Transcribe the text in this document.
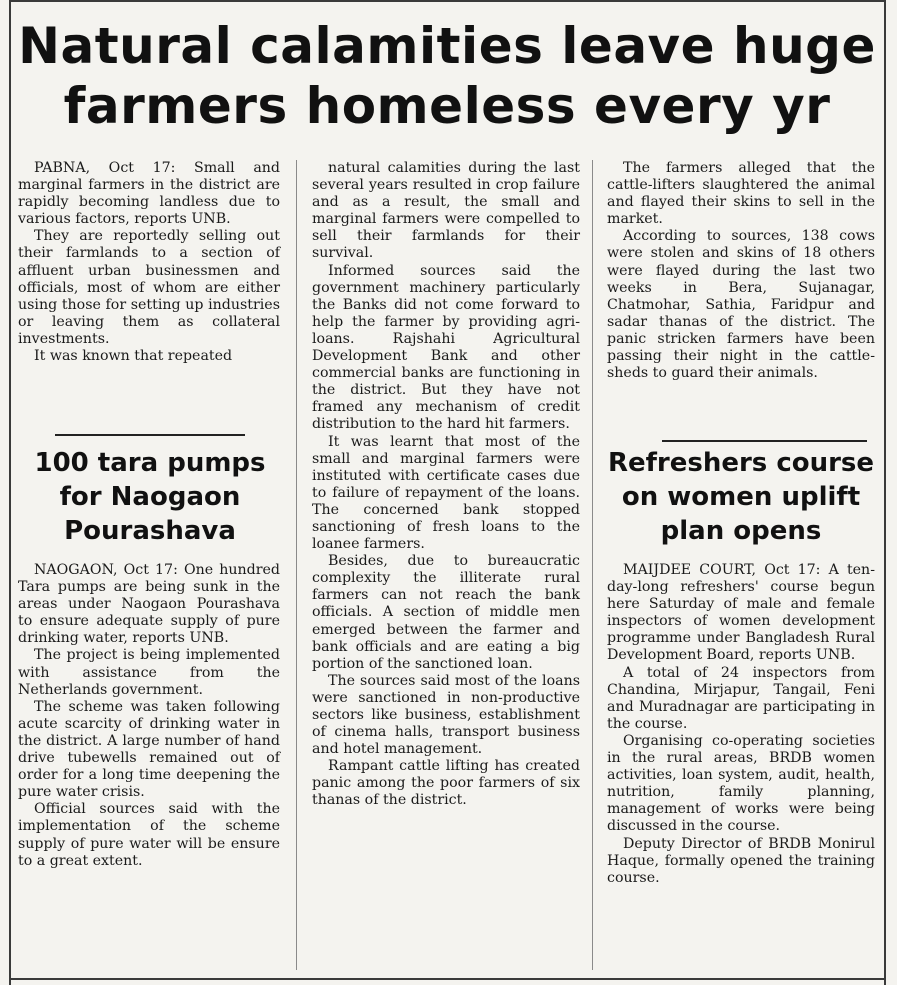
Natural calamities leave huge farmers homeless every yr

PABNA, Oct 17: Small and marginal farmers in the district are rapidly becoming landless due to various factors, reports UNB.

They are reportedly selling out their farmlands to a section of affluent urban businessmen and officials, most of whom are either using those for setting up industries or leaving them as collateral investments.

It was known that repeated

natural calamities during the last several years resulted in crop failure and as a result, the small and marginal farmers were compelled to sell their farmlands for their survival.

Informed sources said the government machinery particularly the Banks did not come forward to help the farmer by providing agri-loans. Rajshahi Agricultural Development Bank and other commercial banks are functioning in the district. But they have not framed any mechanism of credit distribution to the hard hit farmers.

It was learnt that most of the small and marginal farmers were instituted with certificate cases due to failure of repayment of the loans. The concerned bank stopped sanctioning of fresh loans to the loanee farmers.

Besides, due to bureaucratic complexity the illiterate rural farmers can not reach the bank officials. A section of middle men emerged between the farmer and bank officials and are eating a big portion of the sanctioned loan.

The sources said most of the loans were sanctioned in non-productive sectors like business, establishment of cinema halls, transport business and hotel management.

Rampant cattle lifting has created panic among the poor farmers of six thanas of the district.

The farmers alleged that the cattle-lifters slaughtered the animal and flayed their skins to sell in the market.

According to sources, 138 cows were stolen and skins of 18 others were flayed during the last two weeks in Bera, Sujanagar, Chatmohar, Sathia, Faridpur and sadar thanas of the district. The panic stricken farmers have been passing their night in the cattle-sheds to guard their animals.

100 tara pumps for Naogaon Pourashava

NAOGAON, Oct 17: One hundred Tara pumps are being sunk in the areas under Naogaon Pourashava to ensure adequate supply of pure drinking water, reports UNB.

The project is being implemented with assistance from the Netherlands government.

The scheme was taken following acute scarcity of drinking water in the district. A large number of hand drive tubewells remained out of order for a long time deepening the pure water crisis.

Official sources said with the implementation of the scheme supply of pure water will be ensure to a great extent.

Refreshers course on women uplift plan opens

MAIJDEE COURT, Oct 17: A ten-day-long refreshers' course begun here Saturday of male and female inspectors of women development programme under Bangladesh Rural Development Board, reports UNB.

A total of 24 inspectors from Chandina, Mirjapur, Tangail, Feni and Muradnagar are participating in the course.

Organising co-operating societies in the rural areas, BRDB women activities, loan system, audit, health, nutrition, family planning, management of works were being discussed in the course.

Deputy Director of BRDB Monirul Haque, formally opened the training course.
